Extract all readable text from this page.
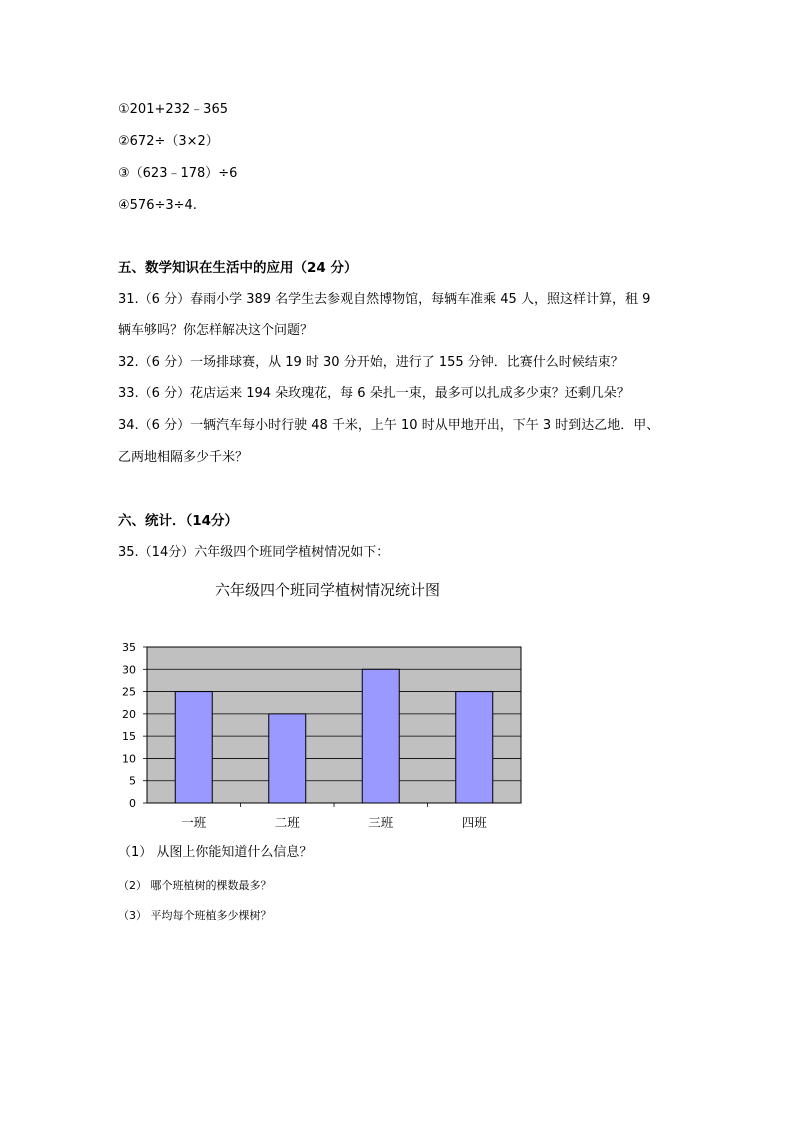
①201+232﹣365
②672÷（3×2）
③（623﹣178）÷6
④576÷3÷4.
五、数学知识在生活中的应用（24 分）
31.（6 分）春雨小学 389 名学生去参观自然博物馆，每辆车准乘 45 人，照这样计算，租 9
辆车够吗？你怎样解决这个问题？
32.（6 分）一场排球赛，从 19 时 30 分开始，进行了 155 分钟．比赛什么时候结束？
33.（6 分）花店运来 194 朵玫瑰花，每 6 朵扎一束，最多可以扎成多少束？还剩几朵？
34.（6 分）一辆汽车每小时行驶 48 千米，上午 10 时从甲地开出，下午 3 时到达乙地．甲、
乙两地相隔多少千米？
六、统计．（14分）
35.（14分）六年级四个班同学植树情况如下：
六年级四个班同学植树情况统计图
0
5
10
15
20
25
30
35
一班	二班	三班	四班
（1） 从图上你能知道什么信息？
（2） 哪个班植树的棵数最多？
（3） 平均每个班植多少棵树？
